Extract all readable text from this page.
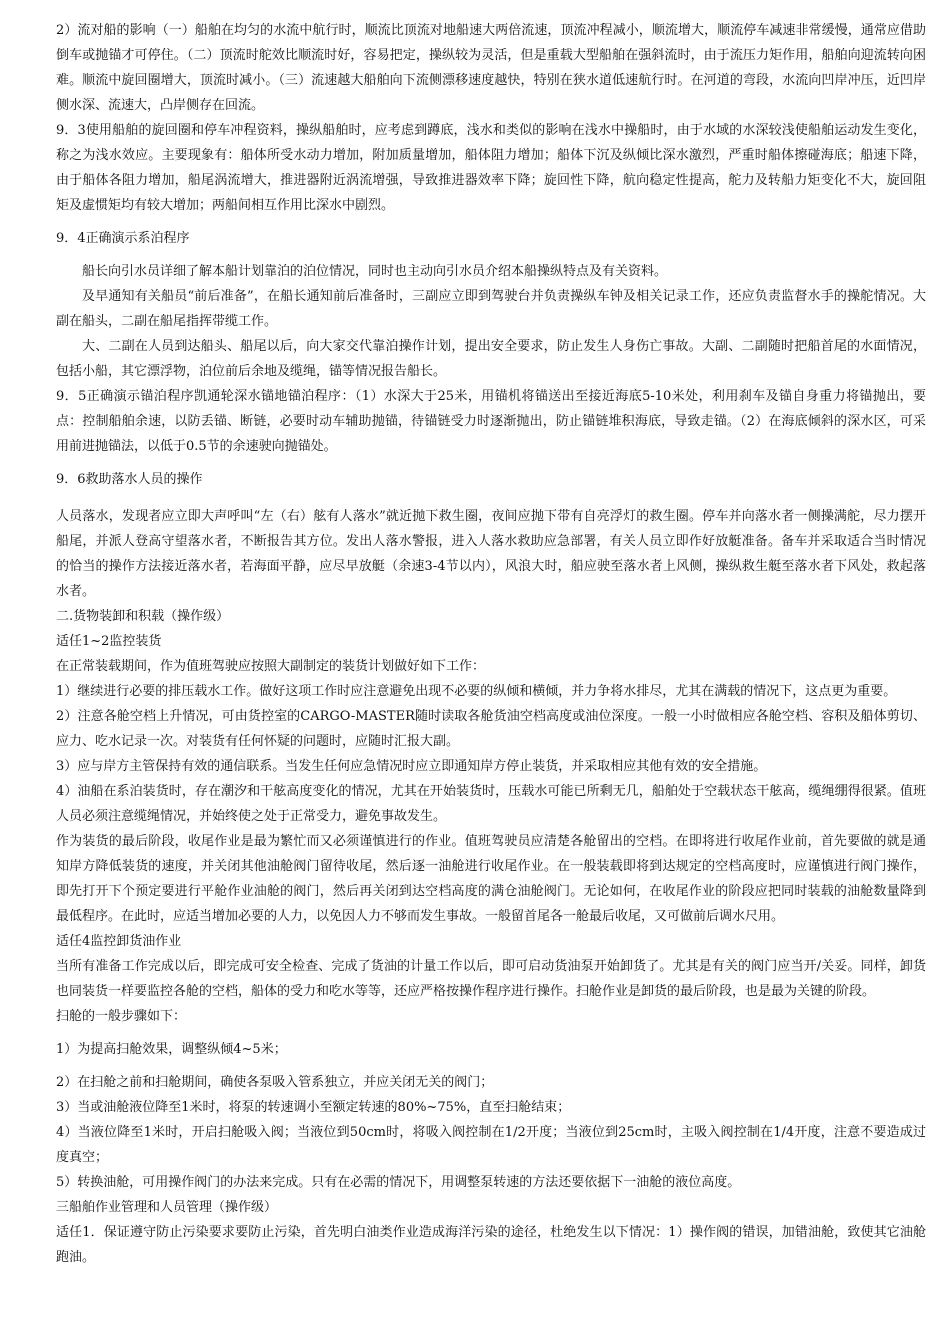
2）流对船的影响（一）船舶在均匀的水流中航行时，顺流比顶流对地船速大两倍流速，顶流冲程减小，顺流增大，顺流停车减速非常缓慢，通常应借助倒车或抛锚才可停住。（二）顶流时舵效比顺流时好，容易把定，操纵较为灵活，但是重载大型船舶在强斜流时，由于流压力矩作用，船舶向迎流转向困难。顺流中旋回圈增大，顶流时减小。（三）流速越大船舶向下流侧漂移速度越快，特别在狭水道低速航行时。在河道的弯段，水流向凹岸冲压，近凹岸侧水深、流速大，凸岸侧存在回流。

9．3使用船舶的旋回圈和停车冲程资料，操纵船舶时，应考虑到蹲底，浅水和类似的影响在浅水中操船时，由于水域的水深较浅使船舶运动发生变化，称之为浅水效应。主要现象有：船体所受水动力增加，附加质量增加，船体阻力增加；船体下沉及纵倾比深水激烈，严重时船体擦碰海底；船速下降，由于船体各阻力增加，船尾涡流增大，推进器附近涡流增强，导致推进器效率下降；旋回性下降，航向稳定性提高，舵力及转船力矩变化不大，旋回阻矩及虚惯矩均有较大增加；两船间相互作用比深水中剧烈。

9．4正确演示系泊程序

船长向引水员详细了解本船计划靠泊的泊位情况，同时也主动向引水员介绍本船操纵特点及有关资料。

及早通知有关船员“前后准备”，在船长通知前后准备时，三副应立即到驾驶台并负责操纵车钟及相关记录工作，还应负责监督水手的操舵情况。大副在船头，二副在船尾指挥带缆工作。

大、二副在人员到达船头、船尾以后，向大家交代靠泊操作计划，提出安全要求，防止发生人身伤亡事故。大副、二副随时把船首尾的水面情况，包括小船，其它漂浮物，泊位前后余地及缆绳，锚等情况报告船长。

9．5正确演示锚泊程序凯通轮深水锚地锚泊程序：（1）水深大于25米，用锚机将锚送出至接近海底5-10米处，利用刹车及锚自身重力将锚抛出，要点：控制船舶余速，以防丢锚、断链，必要时动车辅助抛锚，待锚链受力时逐渐抛出，防止锚链堆积海底，导致走锚。（2）在海底倾斜的深水区，可采用前进抛锚法，以低于0.5节的余速驶向抛锚处。

9．6救助落水人员的操作

人员落水，发现者应立即大声呼叫“左（右）舷有人落水”就近抛下救生圈，夜间应抛下带有自亮浮灯的救生圈。停车并向落水者一侧操满舵，尽力摆开船尾，并派人登高守望落水者，不断报告其方位。发出人落水警报，进入人落水救助应急部署，有关人员立即作好放艇准备。备车并采取适合当时情况的恰当的操作方法接近落水者，若海面平静，应尽早放艇（余速3-4节以内），风浪大时，船应驶至落水者上风侧，操纵救生艇至落水者下风处，救起落水者。

二.货物装卸和积载（操作级）

适任1~2监控装货

在正常装载期间，作为值班驾驶应按照大副制定的装货计划做好如下工作：

1）继续进行必要的排压载水工作。做好这项工作时应注意避免出现不必要的纵倾和横倾，并力争将水排尽，尤其在满载的情况下，这点更为重要。

2）注意各舱空档上升情况，可由货控室的CARGO-MASTER随时读取各舱货油空档高度或油位深度。一般一小时做相应各舱空档、容积及船体剪切、应力、吃水记录一次。对装货有任何怀疑的问题时，应随时汇报大副。

3）应与岸方主管保持有效的通信联系。当发生任何应急情况时应立即通知岸方停止装货，并采取相应其他有效的安全措施。

4）油船在系泊装货时，存在潮汐和干舷高度变化的情况，尤其在开始装货时，压载水可能已所剩无几，船舶处于空载状态干舷高，缆绳绷得很紧。值班人员必须注意缆绳情况，并始终使之处于正常受力，避免事故发生。

作为装货的最后阶段，收尾作业是最为繁忙而又必须谨慎进行的作业。值班驾驶员应清楚各舱留出的空档。在即将进行收尾作业前，首先要做的就是通知岸方降低装货的速度，并关闭其他油舱阀门留待收尾，然后逐一油舱进行收尾作业。在一般装载即将到达规定的空档高度时，应谨慎进行阀门操作，即先打开下个预定要进行平舱作业油舱的阀门，然后再关闭到达空档高度的满仓油舱阀门。无论如何，在收尾作业的阶段应把同时装载的油舱数量降到最低程序。在此时，应适当增加必要的人力，以免因人力不够而发生事故。一般留首尾各一舱最后收尾，又可做前后调水尺用。

适任4监控卸货油作业

当所有准备工作完成以后，即完成可安全检查、完成了货油的计量工作以后，即可启动货油泵开始卸货了。尤其是有关的阀门应当开/关妥。同样，卸货也同装货一样要监控各舱的空档，船体的受力和吃水等等，还应严格按操作程序进行操作。扫舱作业是卸货的最后阶段，也是最为关键的阶段。

扫舱的一般步骤如下：

1）为提高扫舱效果，调整纵倾4~5米；

2）在扫舱之前和扫舱期间，确使各泵吸入管系独立，并应关闭无关的阀门；

3）当或油舱液位降至1米时，将泵的转速调小至额定转速的80%~75%，直至扫舱结束；

4）当液位降至1米时，开启扫舱吸入阀；当液位到50cm时，将吸入阀控制在1/2开度；当液位到25cm时，主吸入阀控制在1/4开度，注意不要造成过度真空；

5）转换油舱，可用操作阀门的办法来完成。只有在必需的情况下，用调整泵转速的方法还要依据下一油舱的液位高度。

三船舶作业管理和人员管理（操作级）

适任1．保证遵守防止污染要求要防止污染，首先明白油类作业造成海洋污染的途径，杜绝发生以下情况：1）操作阀的错误，加错油舱，致使其它油舱跑油。
